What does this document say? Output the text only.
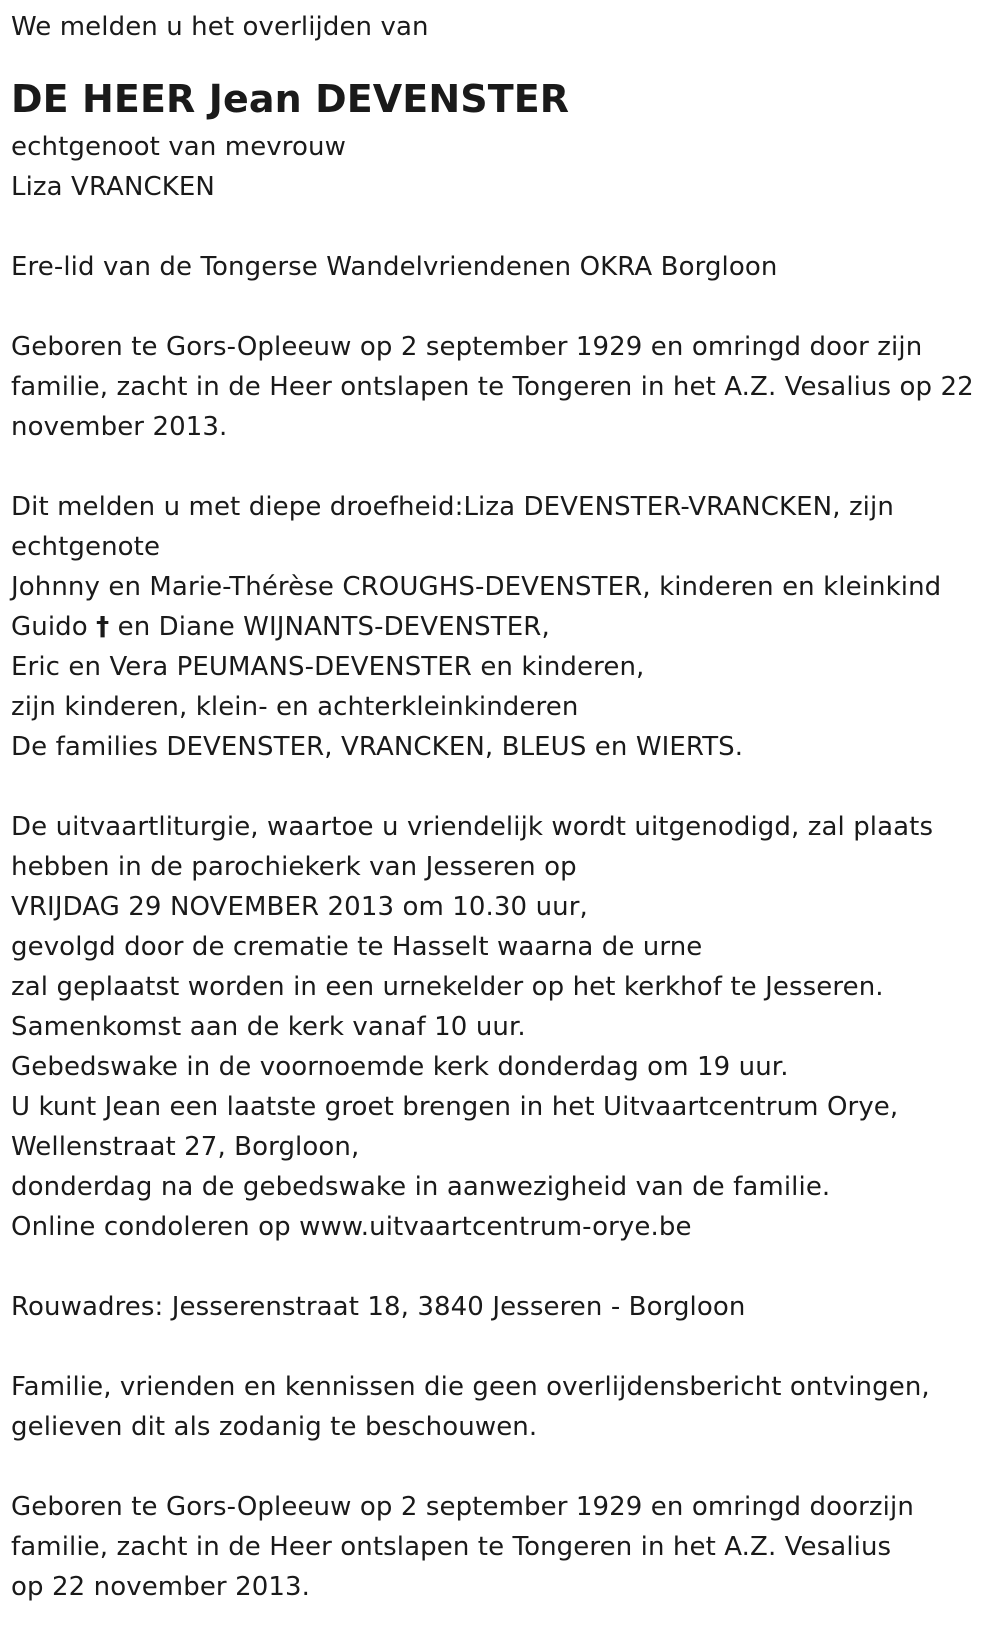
We melden u het overlijden van
DE HEER Jean DEVENSTER
echtgenoot van mevrouw
Liza VRANCKEN
Ere-lid van de Tongerse Wandelvriendenen OKRA Borgloon
Geboren te Gors-Opleeuw op 2 september 1929 en omringd door zijn
familie, zacht in de Heer ontslapen te Tongeren in het A.Z. Vesalius op 22
november 2013.
Dit melden u met diepe droefheid:Liza DEVENSTER-VRANCKEN, zijn
echtgenote
Johnny en Marie-Thérèse CROUGHS-DEVENSTER, kinderen en kleinkind
Guido † en Diane WIJNANTS-DEVENSTER,
Eric en Vera PEUMANS-DEVENSTER en kinderen,
zijn kinderen, klein- en achterkleinkinderen
De families DEVENSTER, VRANCKEN, BLEUS en WIERTS.
De uitvaartliturgie, waartoe u vriendelijk wordt uitgenodigd, zal plaats
hebben in de parochiekerk van Jesseren op
VRIJDAG 29 NOVEMBER 2013 om 10.30 uur,
gevolgd door de crematie te Hasselt waarna de urne
zal geplaatst worden in een urnekelder op het kerkhof te Jesseren.
Samenkomst aan de kerk vanaf 10 uur.
Gebedswake in de voornoemde kerk donderdag om 19 uur.
U kunt Jean een laatste groet brengen in het Uitvaartcentrum Orye,
Wellenstraat 27, Borgloon,
donderdag na de gebedswake in aanwezigheid van de familie.
Online condoleren op www.uitvaartcentrum-orye.be
Rouwadres: Jesserenstraat 18, 3840 Jesseren - Borgloon
Familie, vrienden en kennissen die geen overlijdensbericht ontvingen,
gelieven dit als zodanig te beschouwen.
Geboren te Gors-Opleeuw op 2 september 1929 en omringd doorzijn
familie, zacht in de Heer ontslapen te Tongeren in het A.Z. Vesalius
op 22 november 2013.
